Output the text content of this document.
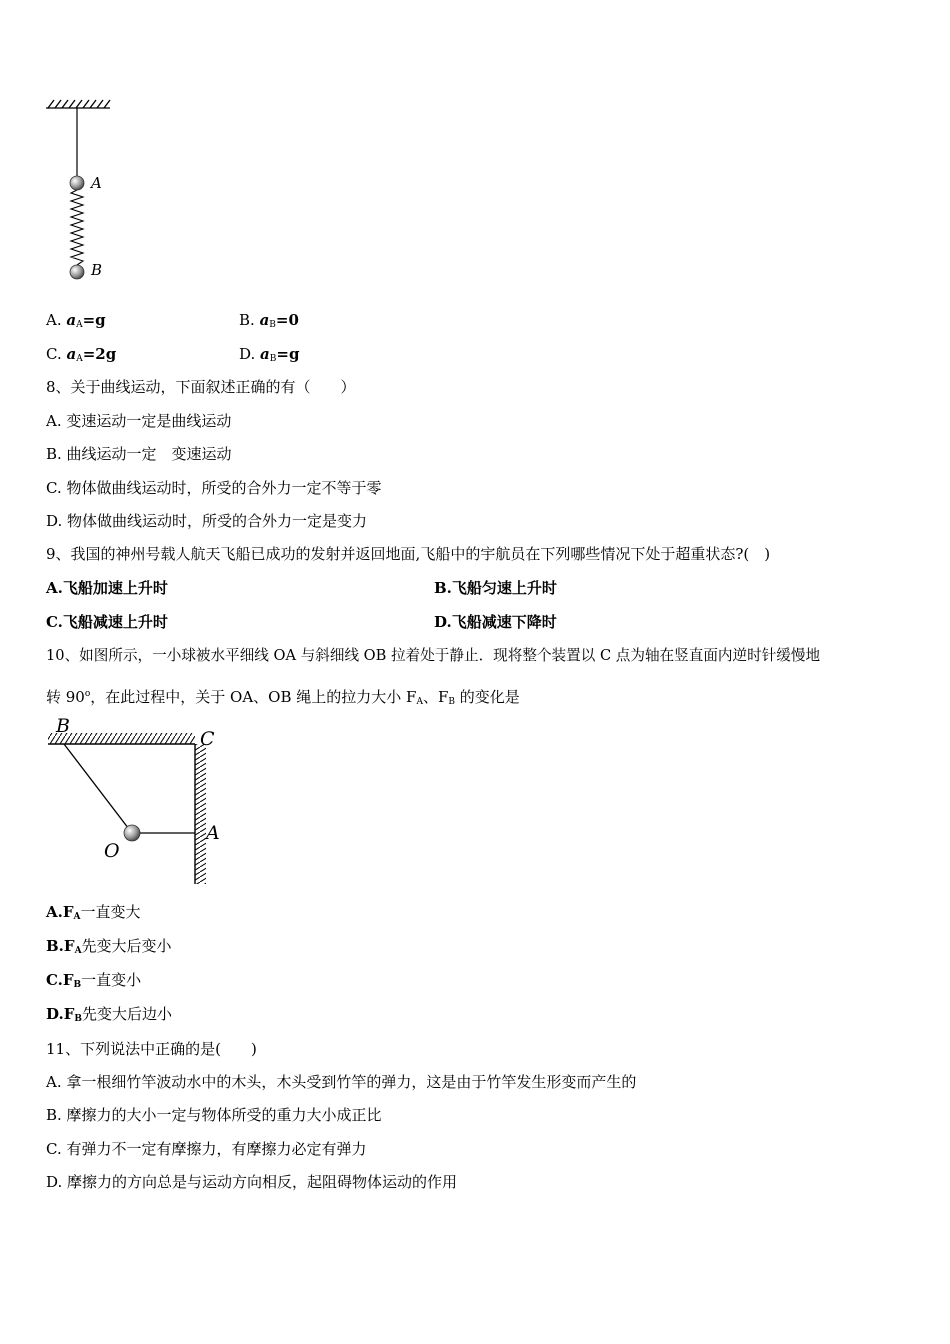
A
B
A. $a_A=g$	B. $a_B=0$
C. $a_A=2g$	D. $a_B=g$
8、关于曲线运动，下面叙述正确的有（　　）
A. 变速运动一定是曲线运动
B. 曲线运动一定　变速运动
C. 物体做曲线运动时，所受的合外力一定不等于零
D. 物体做曲线运动时，所受的合外力一定是变力
9、我国的神州号载人航天飞船已成功的发射并返回地面,飞船中的宇航员在下列哪些情况下处于超重状态?(　)
A.飞船加速上升时	B.飞船匀速上升时
C.飞船减速上升时	D.飞船减速下降时
10、如图所示，一小球被水平细线 OA 与斜细线 OB 拉着处于静止．现将整个装置以 C 点为轴在竖直面内逆时针缓慢地
转 90$^o$，在此过程中，关于 OA、OB 绳上的拉力大小 $F_A$、$F_B$ 的变化是
B
C
O
A
$A.F_A$一直变大
$B.F_A$先变大后变小
$C.F_B$一直变小
$D.F_B$先变大后边小
11、下列说法中正确的是(　　)
A. 拿一根细竹竿波动水中的木头，木头受到竹竿的弹力，这是由于竹竿发生形变而产生的
B. 摩擦力的大小一定与物体所受的重力大小成正比
C. 有弹力不一定有摩擦力，有摩擦力必定有弹力
D. 摩擦力的方向总是与运动方向相反，起阻碍物体运动的作用
